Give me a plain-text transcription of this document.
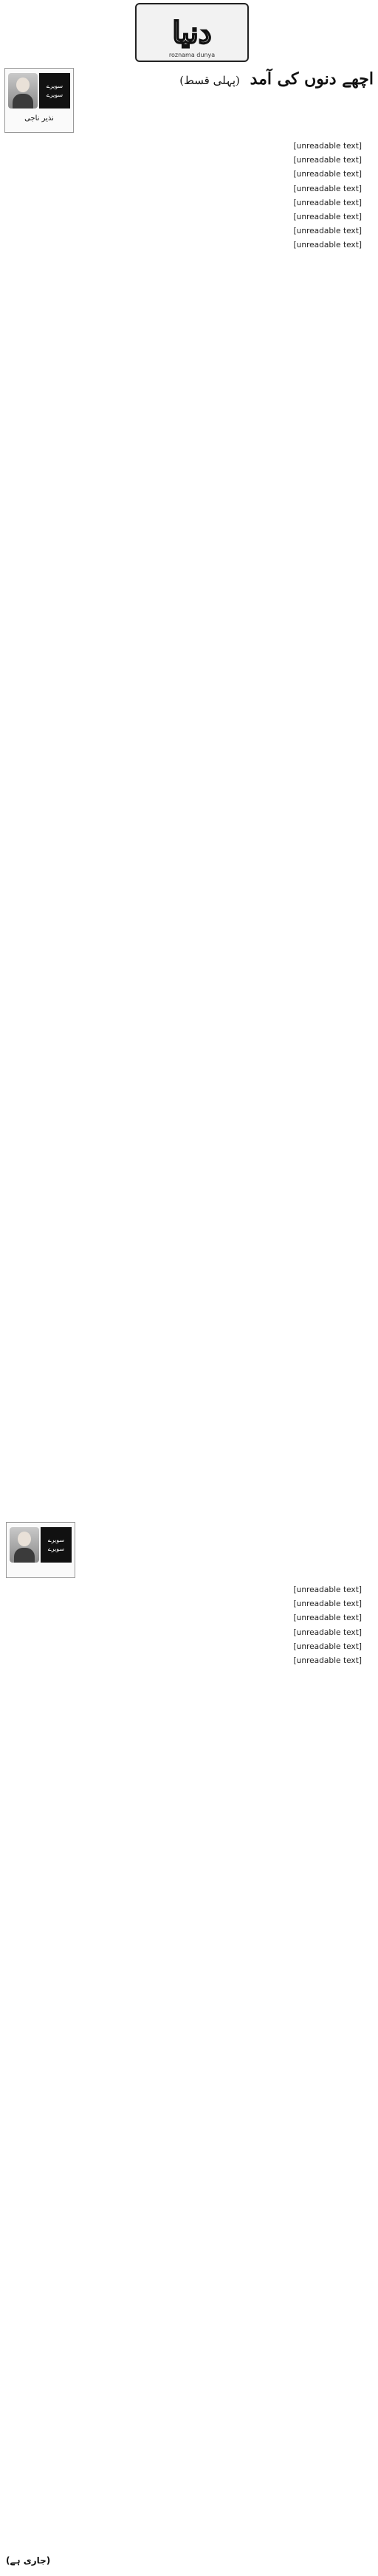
دنیا
roznama dunya
سویرے سویرے
نذیر ناجی
اچھے دنوں کی آمد (پہلی قسط)

[unreadable text]

[unreadable text]

[unreadable text]

[unreadable text]

[unreadable text]

[unreadable text]

[unreadable text]

[unreadable text]

سویرے سویرے

[unreadable text]

[unreadable text]

[unreadable text]

[unreadable text]

[unreadable text]

[unreadable text]

(جاری ہے)
